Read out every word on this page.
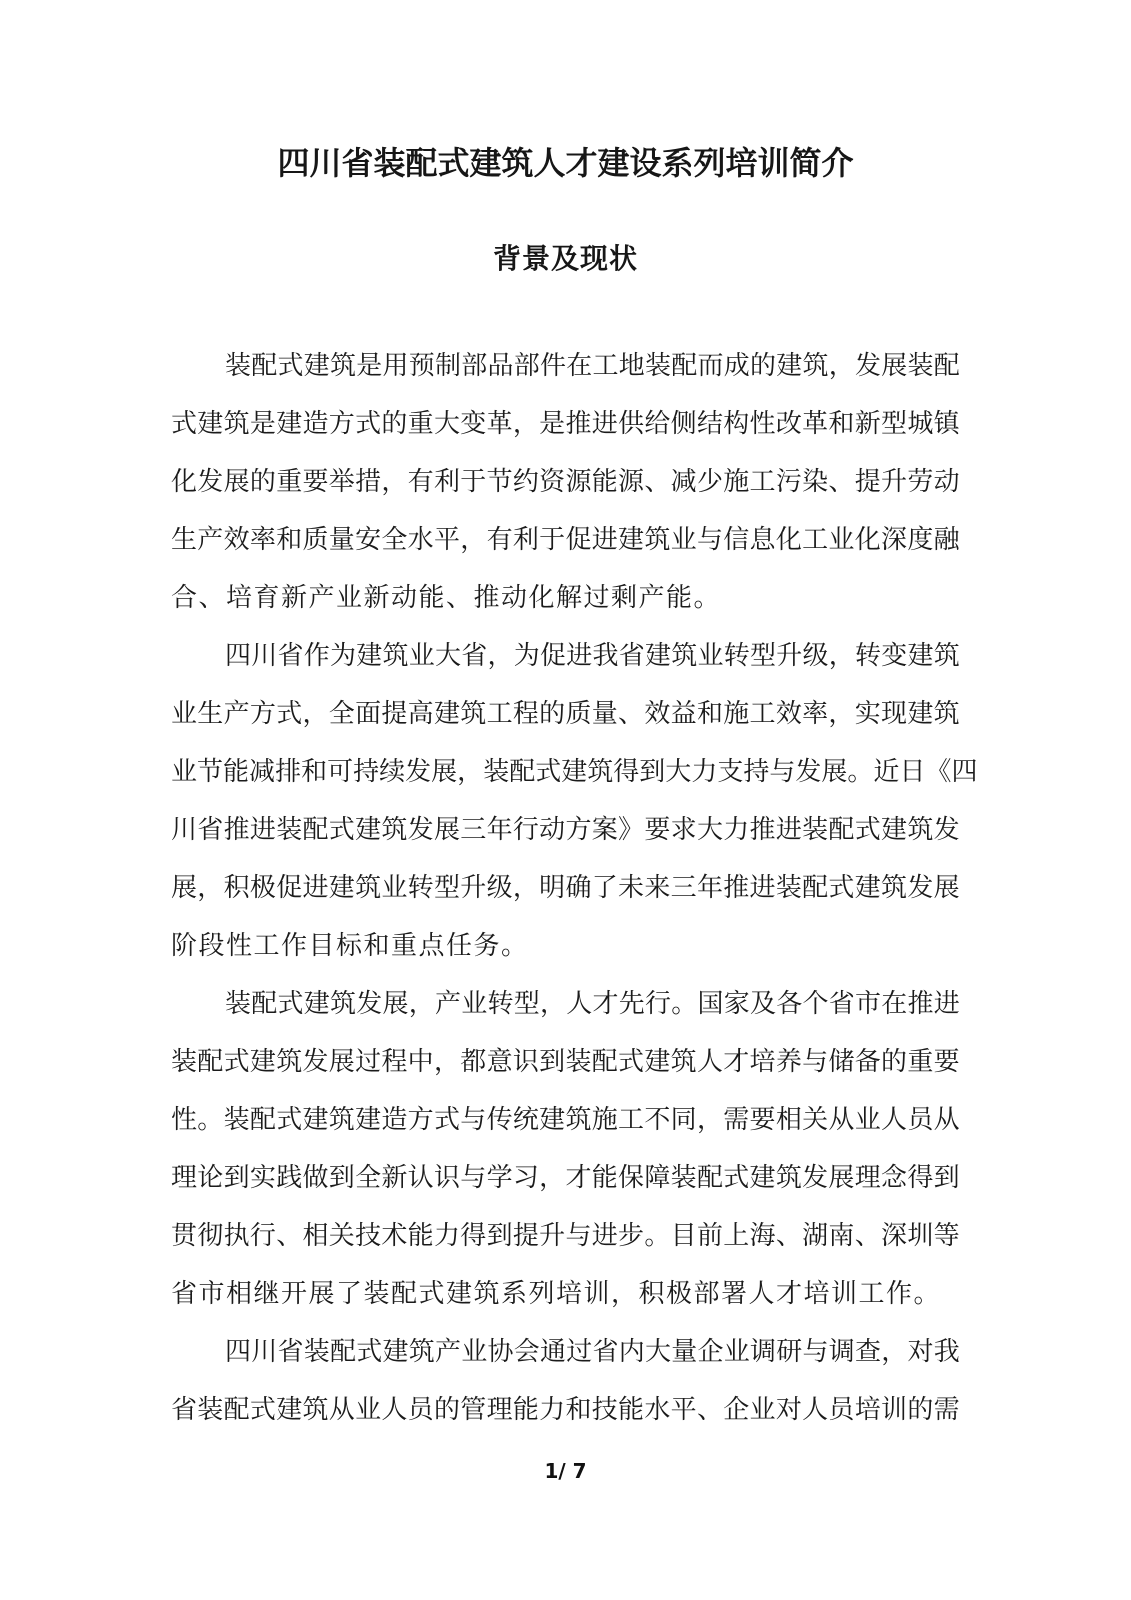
四川省装配式建筑人才建设系列培训简介
背景及现状
装 配 式 建 筑 是 用 预 制 部 品 部 件 在 工 地 装 配 而 成 的 建 筑 ， 发 展 装 配
式 建 筑 是 建 造 方 式 的 重 大 变 革 ， 是 推 进 供 给 侧 结 构 性 改 革 和 新 型 城 镇
化 发 展 的 重 要 举 措 ， 有 利 于 节 约 资 源 能 源 、 减 少 施 工 污 染 、 提 升 劳 动
生 产 效 率 和 质 量 安 全 水 平 ， 有 利 于 促 进 建 筑 业 与 信 息 化 工 业 化 深 度 融
合、培育新产业新动能、推动化解过剩产能。
四 川 省 作 为 建 筑 业 大 省 ， 为 促 进 我 省 建 筑 业 转 型 升 级 ， 转 变 建 筑
业 生 产 方 式 ， 全 面 提 高 建 筑 工 程 的 质 量 、 效 益 和 施 工 效 率 ， 实 现 建 筑
业 节 能 减 排 和 可 持 续 发 展 ， 装 配 式 建 筑 得 到 大 力 支 持 与 发 展 。 近 日 《 四
川 省 推 进 装 配 式 建 筑 发 展 三 年 行 动 方 案 》 要 求 大 力 推 进 装 配 式 建 筑 发
展 ， 积 极 促 进 建 筑 业 转 型 升 级 ， 明 确 了 未 来 三 年 推 进 装 配 式 建 筑 发 展
阶段性工作目标和重点任务。
装 配 式 建 筑 发 展 ， 产 业 转 型 ， 人 才 先 行 。 国 家 及 各 个 省 市 在 推 进
装 配 式 建 筑 发 展 过 程 中 ， 都 意 识 到 装 配 式 建 筑 人 才 培 养 与 储 备 的 重 要
性 。 装 配 式 建 筑 建 造 方 式 与 传 统 建 筑 施 工 不 同 ， 需 要 相 关 从 业 人 员 从
理 论 到 实 践 做 到 全 新 认 识 与 学 习 ， 才 能 保 障 装 配 式 建 筑 发 展 理 念 得 到
贯 彻 执 行 、 相 关 技 术 能 力 得 到 提 升 与 进 步 。 目 前 上 海 、 湖 南 、 深 圳 等
省市相继开展了装配式建筑系列培训，积极部署人才培训工作。
四 川 省 装 配 式 建 筑 产 业 协 会 通 过 省 内 大 量 企 业 调 研 与 调 查 ， 对 我
省 装 配 式 建 筑 从 业 人 员 的 管 理 能 力 和 技 能 水 平 、 企 业 对 人 员 培 训 的 需
1/ 7
